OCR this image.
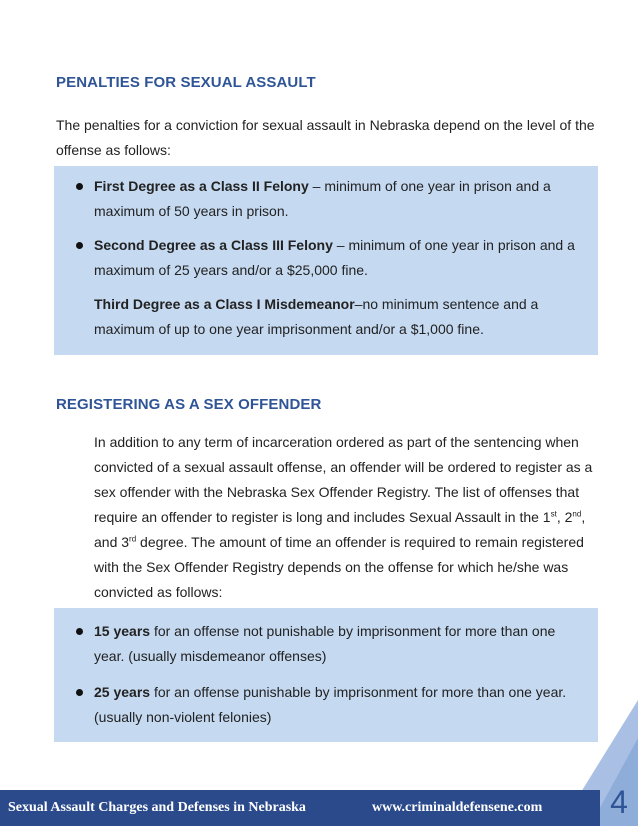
PENALTIES FOR SEXUAL ASSAULT
The penalties for a conviction for sexual assault in Nebraska depend on the level of the offense as follows:
First Degree as a Class II Felony – minimum of one year in prison and a maximum of 50 years in prison.
Second Degree as a Class III Felony – minimum of one year in prison and a maximum of 25 years and/or a $25,000 fine.
Third Degree as a Class I Misdemeanor–no minimum sentence and a maximum of up to one year imprisonment and/or a $1,000 fine.
REGISTERING AS A SEX OFFENDER
In addition to any term of incarceration ordered as part of the sentencing when convicted of a sexual assault offense, an offender will be ordered to register as a sex offender with the Nebraska Sex Offender Registry. The list of offenses that require an offender to register is long and includes Sexual Assault in the 1st, 2nd, and 3rd degree. The amount of time an offender is required to remain registered with the Sex Offender Registry depends on the offense for which he/she was convicted as follows:
15 years for an offense not punishable by imprisonment for more than one year. (usually misdemeanor offenses)
25 years for an offense punishable by imprisonment for more than one year. (usually non-violent felonies)
Sexual Assault Charges and Defenses in Nebraska	www.criminaldefensene.com	4
